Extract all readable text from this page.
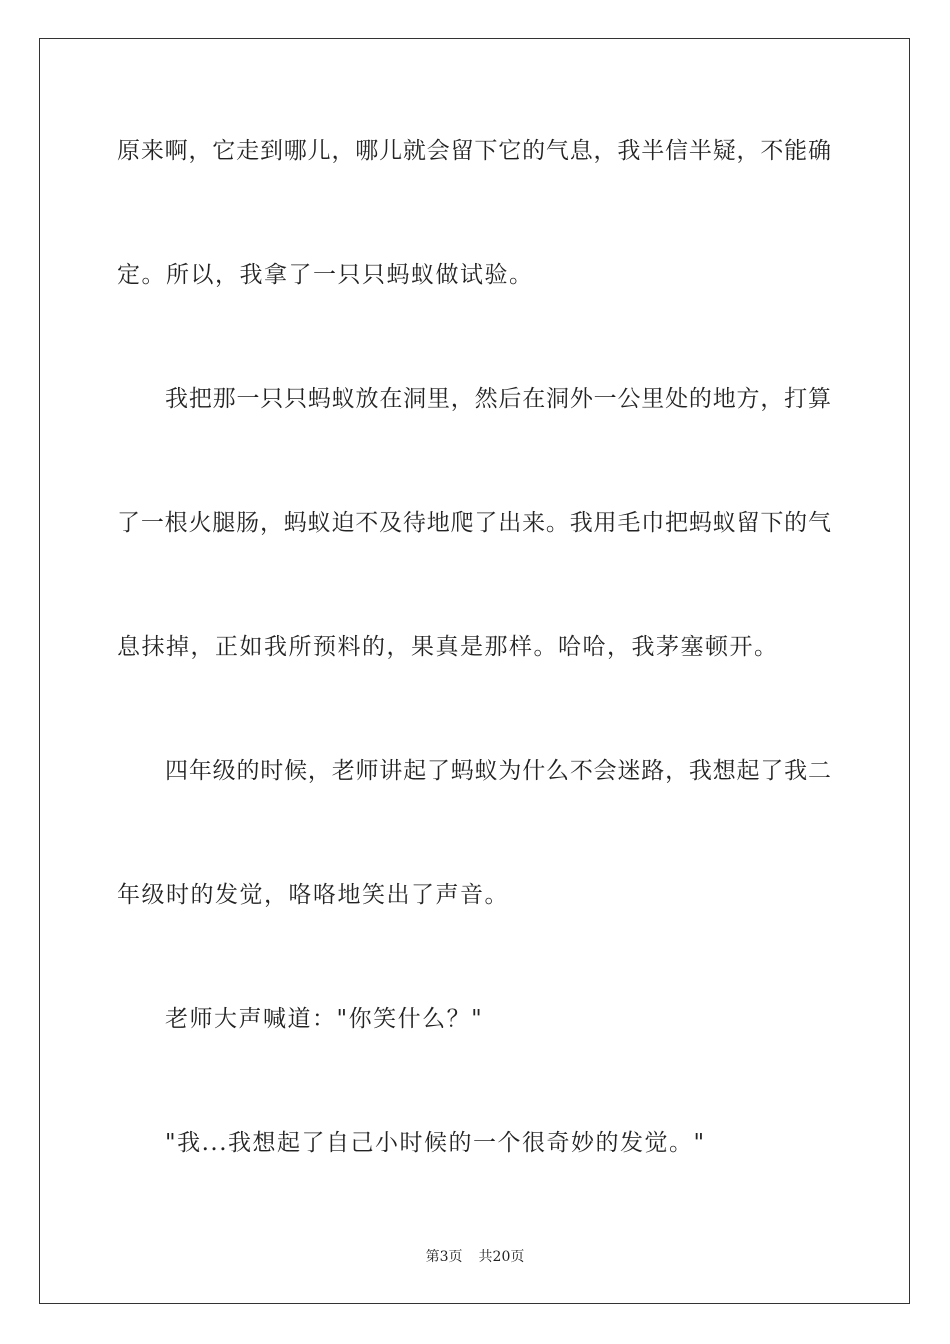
原来啊，它走到哪儿，哪儿就会留下它的气息，我半信半疑，不能确
定。所以，我拿了一只只蚂蚁做试验。
我把那一只只蚂蚁放在洞里，然后在洞外一公里处的地方，打算
了一根火腿肠，蚂蚁迫不及待地爬了出来。我用毛巾把蚂蚁留下的气
息抹掉，正如我所预料的，果真是那样。哈哈，我茅塞顿开。
四年级的时候，老师讲起了蚂蚁为什么不会迷路，我想起了我二
年级时的发觉，咯咯地笑出了声音。
老师大声喊道："你笑什么？"
"我...我想起了自己小时候的一个很奇妙的发觉。"
第3页 共20页
